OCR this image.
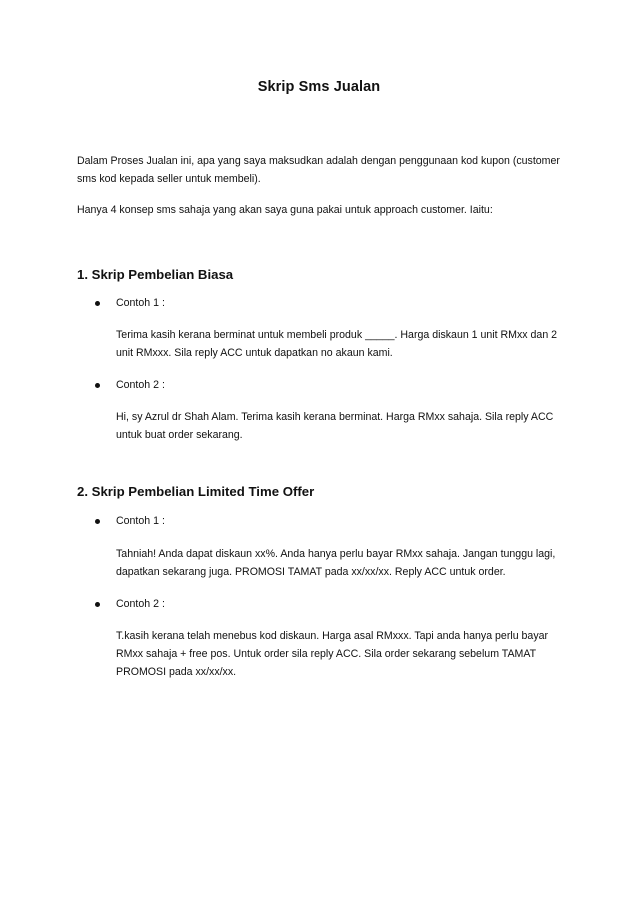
Skrip Sms Jualan

Dalam Proses Jualan ini, apa yang saya maksudkan adalah dengan penggunaan kod kupon (customer sms kod kepada seller untuk membeli).

Hanya 4 konsep sms sahaja yang akan saya guna pakai untuk approach customer. Iaitu:

1. Skrip Pembelian Biasa
Contoh 1 :

Terima kasih kerana berminat untuk membeli produk _____. Harga diskaun 1 unit RMxx dan 2 unit RMxxx. Sila reply ACC untuk dapatkan no akaun kami.

Contoh 2 :

Hi, sy Azrul dr Shah Alam. Terima kasih kerana berminat. Harga RMxx sahaja. Sila reply ACC untuk buat order sekarang.

2. Skrip Pembelian Limited Time Offer
Contoh 1 :

Tahniah! Anda dapat diskaun xx%. Anda hanya perlu bayar RMxx sahaja. Jangan tunggu lagi, dapatkan sekarang juga. PROMOSI TAMAT pada xx/xx/xx. Reply ACC untuk order.

Contoh 2 :

T.kasih kerana telah menebus kod diskaun. Harga asal RMxxx. Tapi anda hanya perlu bayar RMxx sahaja + free pos. Untuk order sila reply ACC. Sila order sekarang sebelum TAMAT PROMOSI pada xx/xx/xx.
